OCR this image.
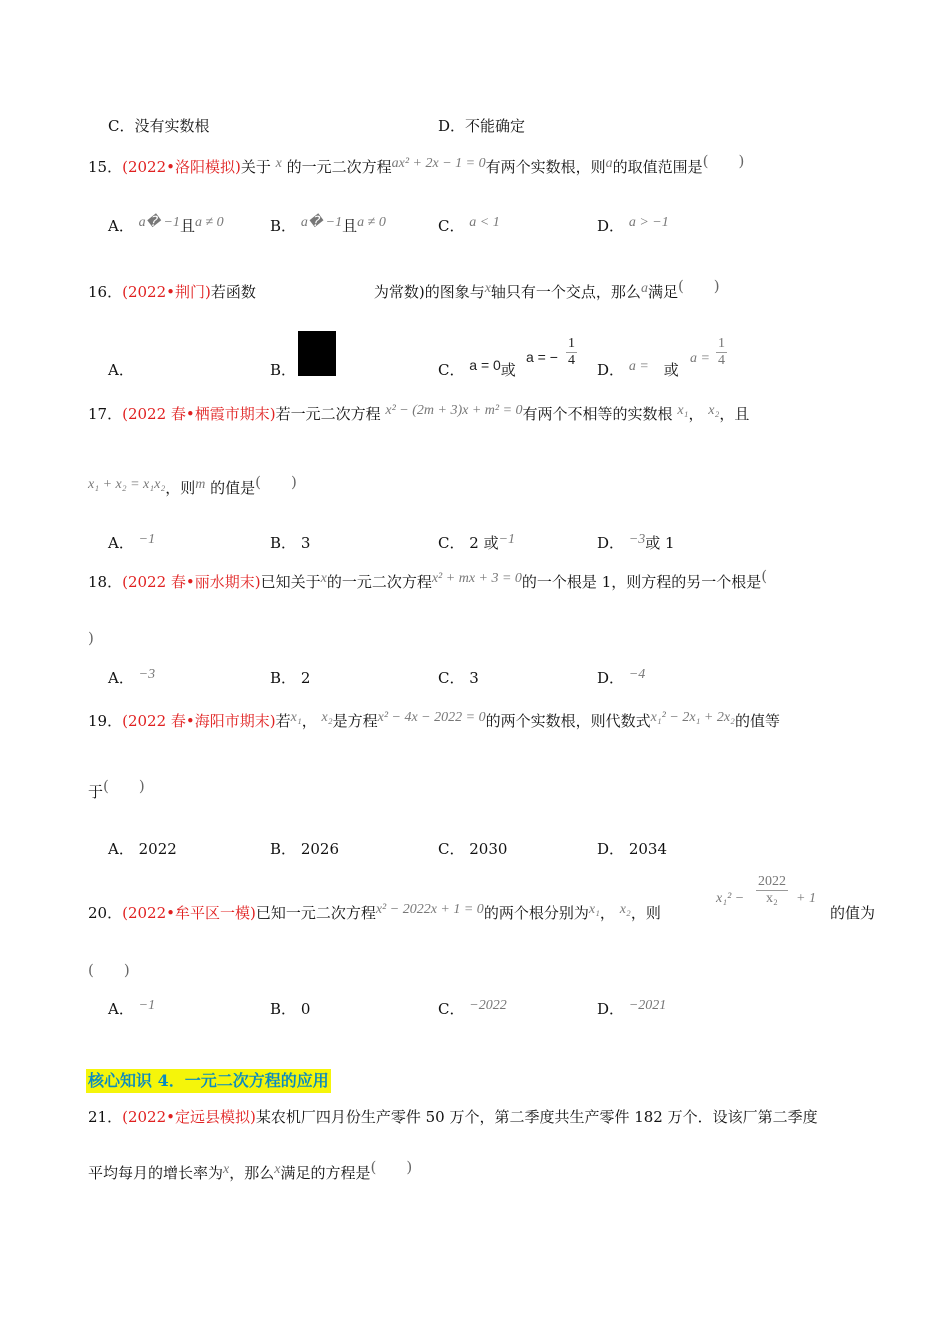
C．没有实数根	D．不能确定
15．(2022•洛阳模拟)关于 x 的一元二次方程ax² + 2x − 1 = 0有两个实数根，则a的取值范围是(　　)
A． a� −1且a ≠ 0	B． a� −1且a ≠ 0	C． a < 1	D． a > −1
16．(2022•荆门)若函数	为常数)的图象与x轴只有一个交点，那么a满足(　　)
A．	B．	C． a = 0或
a = − $\frac{1}{4}$
D． a =　 或
$a = \frac{1}{4}$
17．(2022 春•栖霞市期末)若一元二次方程 x² − (2m + 3)x + m² = 0有两个不相等的实数根 x₁， x₂，且
x₁ + x₂ = x₁x₂，则m 的值是(　　)
A． −1	B． 3	C． 2 或−1	D． −3或 1
18．(2022 春•丽水期末)已知关于x的一元二次方程x² + mx + 3 = 0的一个根是 1，则方程的另一个根是(
)
A． −3	B． 2	C． 3	D． −4
19．(2022 春•海阳市期末)若x₁， x₂是方程x² − 4x − 2022 = 0的两个实数根，则代数式x₁² − 2x₁ + 2x₂的值等
于(　　)
A． 2022	B． 2026	C． 2030	D． 2034
20．(2022•牟平区一模)已知一元二次方程x² − 2022x + 1 = 0的两个根分别为x₁， x₂，则
$x_1^2 - \frac{2022}{\text{x₂}} + 1$
的值为
(　　)
A． −1	B． 0	C． −2022	D． −2021
核心知识 4．一元二次方程的应用
21．(2022•定远县模拟)某农机厂四月份生产零件 50 万个，第二季度共生产零件 182 万个．设该厂第二季度
平均每月的增长率为x，那么x满足的方程是(　　)
